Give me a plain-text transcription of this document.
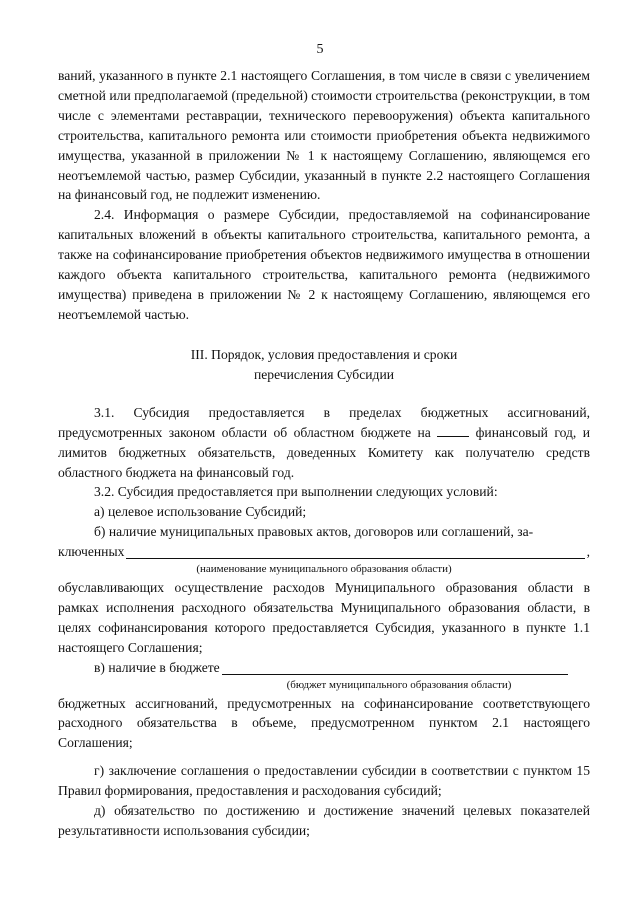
5

ваний, указанного в пункте 2.1 настоящего Соглашения, в том числе в связи с увеличением сметной или предполагаемой (предельной) стоимости строительства (реконструкции, в том числе с элементами реставрации, технического перевооружения) объекта капитального строительства, капитального ремонта или стоимости приобретения объекта недвижимого имущества, указанной в приложении № 1 к настоящему Соглашению, являющемся его неотъемлемой частью, размер Субсидии, указанный в пункте 2.2 настоящего Соглашения на финансовый год, не подлежит изменению.

2.4. Информация о размере Субсидии, предоставляемой на софинансирование капитальных вложений в объекты капитального строительства, капитального ремонта, а также на софинансирование приобретения объектов недвижимого имущества в отношении каждого объекта капитального строительства, капитального ремонта (недвижимого имущества) приведена в приложении № 2 к настоящему Соглашению, являющемся его неотъемлемой частью.

III. Порядок, условия предоставления и сроки
перечисления Субсидии

3.1. Субсидия предоставляется в пределах бюджетных ассигнований, предусмотренных законом области об областном бюджете на	финансовый год, и лимитов бюджетных обязательств, доведенных Комитету как получателю средств областного бюджета на финансовый год.

3.2. Субсидия предоставляется при выполнении следующих условий:

а) целевое использование Субсидий;

б) наличие муниципальных правовых актов, договоров или соглашений, за-

ключенных	,
(наименование муниципального образования области)

обуславливающих осуществление расходов Муниципального образования области в рамках исполнения расходного обязательства Муниципального образования области, в целях софинансирования которого предоставляется Субсидия, указанного в пункте 1.1 настоящего Соглашения;

в) наличие в бюджете
(бюджет муниципального образования области)

бюджетных ассигнований, предусмотренных на софинансирование соответствующего расходного обязательства в объеме, предусмотренном пунктом 2.1 настоящего Соглашения;

г) заключение соглашения о предоставлении субсидии в соответствии с пунктом 15 Правил формирования, предоставления и расходования субсидий;

д) обязательство по достижению и достижение значений целевых показателей результативности использования субсидии;
